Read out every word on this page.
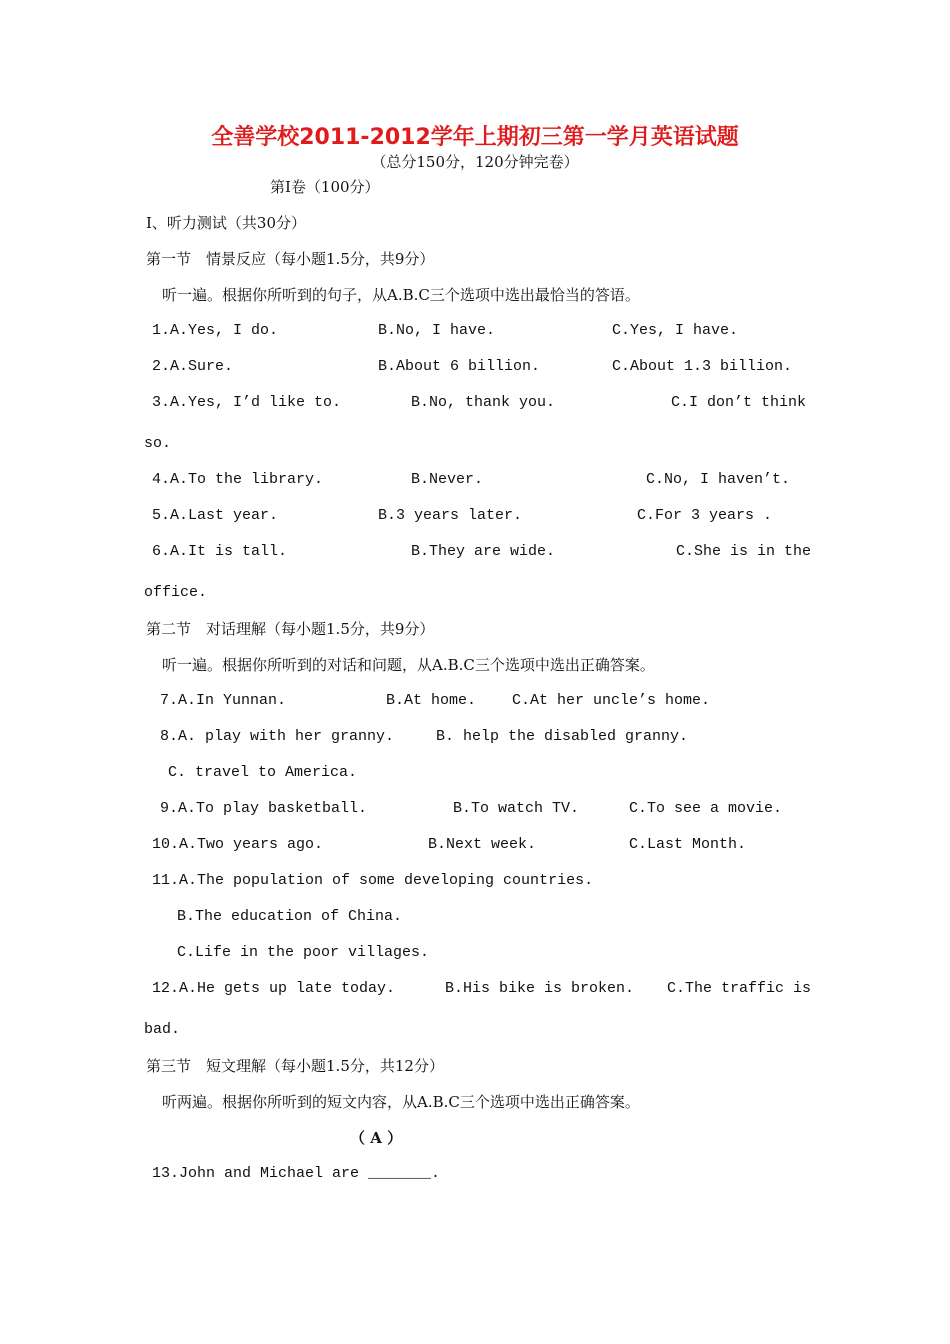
全善学校2011-2012学年上期初三第一学月英语试题
（总分150分，120分钟完卷）
第Ⅰ卷（100分）
Ⅰ、听力测试（共30分）
第一节　情景反应（每小题1.5分，共9分）
听一遍。根据你所听到的句子，从A.B.C三个选项中选出最恰当的答语。
1.A.Yes, I do.	B.No, I have.	C.Yes, I have.
2.A.Sure.	B.About 6 billion.	C.About 1.3 billion.
3.A.Yes, I’d like to.	B.No, thank you.	C.I don’t think
so.
4.A.To the library.	B.Never.	C.No, I haven’t.
5.A.Last year.	B.3 years later.	C.For 3 years .
6.A.It is tall.	B.They are wide.	C.She is in the
office.
第二节　对话理解（每小题1.5分，共9分）
听一遍。根据你所听到的对话和问题，从A.B.C三个选项中选出正确答案。
7.A.In Yunnan.	B.At home. C.At her uncle’s home.
8.A. play with her granny.	B. help the disabled granny.
C. travel to America.
9.A.To play basketball.	B.To watch TV.	C.To see a movie.
10.A.Two years ago.	B.Next week.	C.Last Month.
11.A.The population of some developing countries.
B.The education of China.
C.Life in the poor villages.
12.A.He gets up late today.	B.His bike is broken. C.The traffic is
bad.
第三节　短文理解（每小题1.5分，共12分）
听两遍。根据你所听到的短文内容，从A.B.C三个选项中选出正确答案。
（ A ）
13.John and Michael are _______.
